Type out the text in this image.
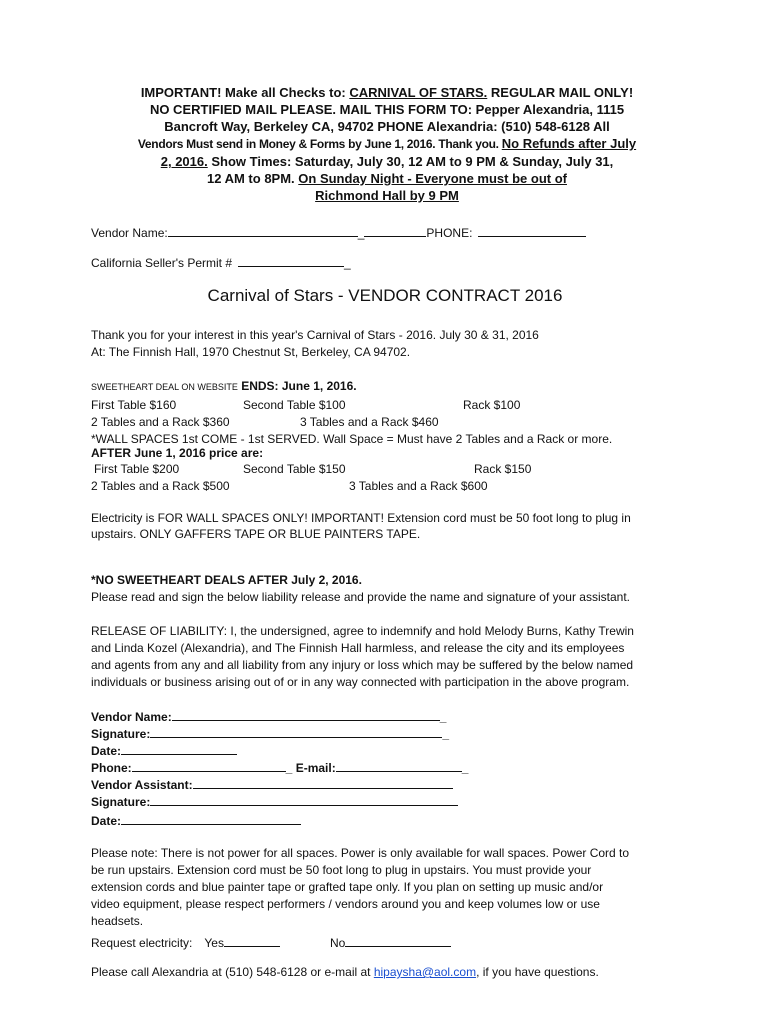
IMPORTANT! Make all Checks to: CARNIVAL OF STARS. REGULAR MAIL ONLY!
NO CERTIFIED MAIL PLEASE. MAIL THIS FORM TO: Pepper Alexandria, 1115
Bancroft Way, Berkeley CA, 94702 PHONE Alexandria: (510) 548-6128 All
Vendors Must send in Money & Forms by June 1, 2016. Thank you. No Refunds after July
2, 2016. Show Times: Saturday, July 30, 12 AM to 9 PM & Sunday, July 31,
12 AM to 8PM. On Sunday Night - Everyone must be out of
Richmond Hall by 9 PM
Vendor Name:	_	PHONE:
California Seller's Permit #	_
Carnival of Stars - VENDOR CONTRACT 2016
Thank you for your interest in this year's Carnival of Stars - 2016. July 30 & 31, 2016
At: The Finnish Hall, 1970 Chestnut St, Berkeley, CA 94702.
SWEETHEART DEAL ON WEBSITE ENDS: June 1, 2016.
First Table $160	Second Table $100	Rack $100
2 Tables and a Rack $360	3 Tables and a Rack $460
*WALL SPACES 1st COME - 1st SERVED. Wall Space = Must have 2 Tables and a Rack or more.
AFTER June 1, 2016 price are:
First Table $200	Second Table $150	Rack $150
2 Tables and a Rack $500	3 Tables and a Rack $600
Electricity is FOR WALL SPACES ONLY! IMPORTANT! Extension cord must be 50 foot long to plug in
upstairs. ONLY GAFFERS TAPE OR BLUE PAINTERS TAPE.
*NO SWEETHEART DEALS AFTER July 2, 2016.
Please read and sign the below liability release and provide the name and signature of your assistant.
RELEASE OF LIABILITY: I, the undersigned, agree to indemnify and hold Melody Burns, Kathy Trewin
and Linda Kozel (Alexandria), and The Finnish Hall harmless, and release the city and its employees
and agents from any and all liability from any injury or loss which may be suffered by the below named
individuals or business arising out of or in any way connected with participation in the above program.
Vendor Name:	_
Signature:	_
Date:
Phone:	_ E-mail:	_
Vendor Assistant:
Signature:
Date:
Please note: There is not power for all spaces. Power is only available for wall spaces. Power Cord to
be run upstairs. Extension cord must be 50 foot long to plug in upstairs. You must provide your
extension cords and blue painter tape or grafted tape only. If you plan on setting up music and/or
video equipment, please respect performers / vendors around you and keep volumes low or use
headsets.
Request electricity: Yes	No
Please call Alexandria at (510) 548-6128 or e-mail at hipaysha@aol.com, if you have questions.
